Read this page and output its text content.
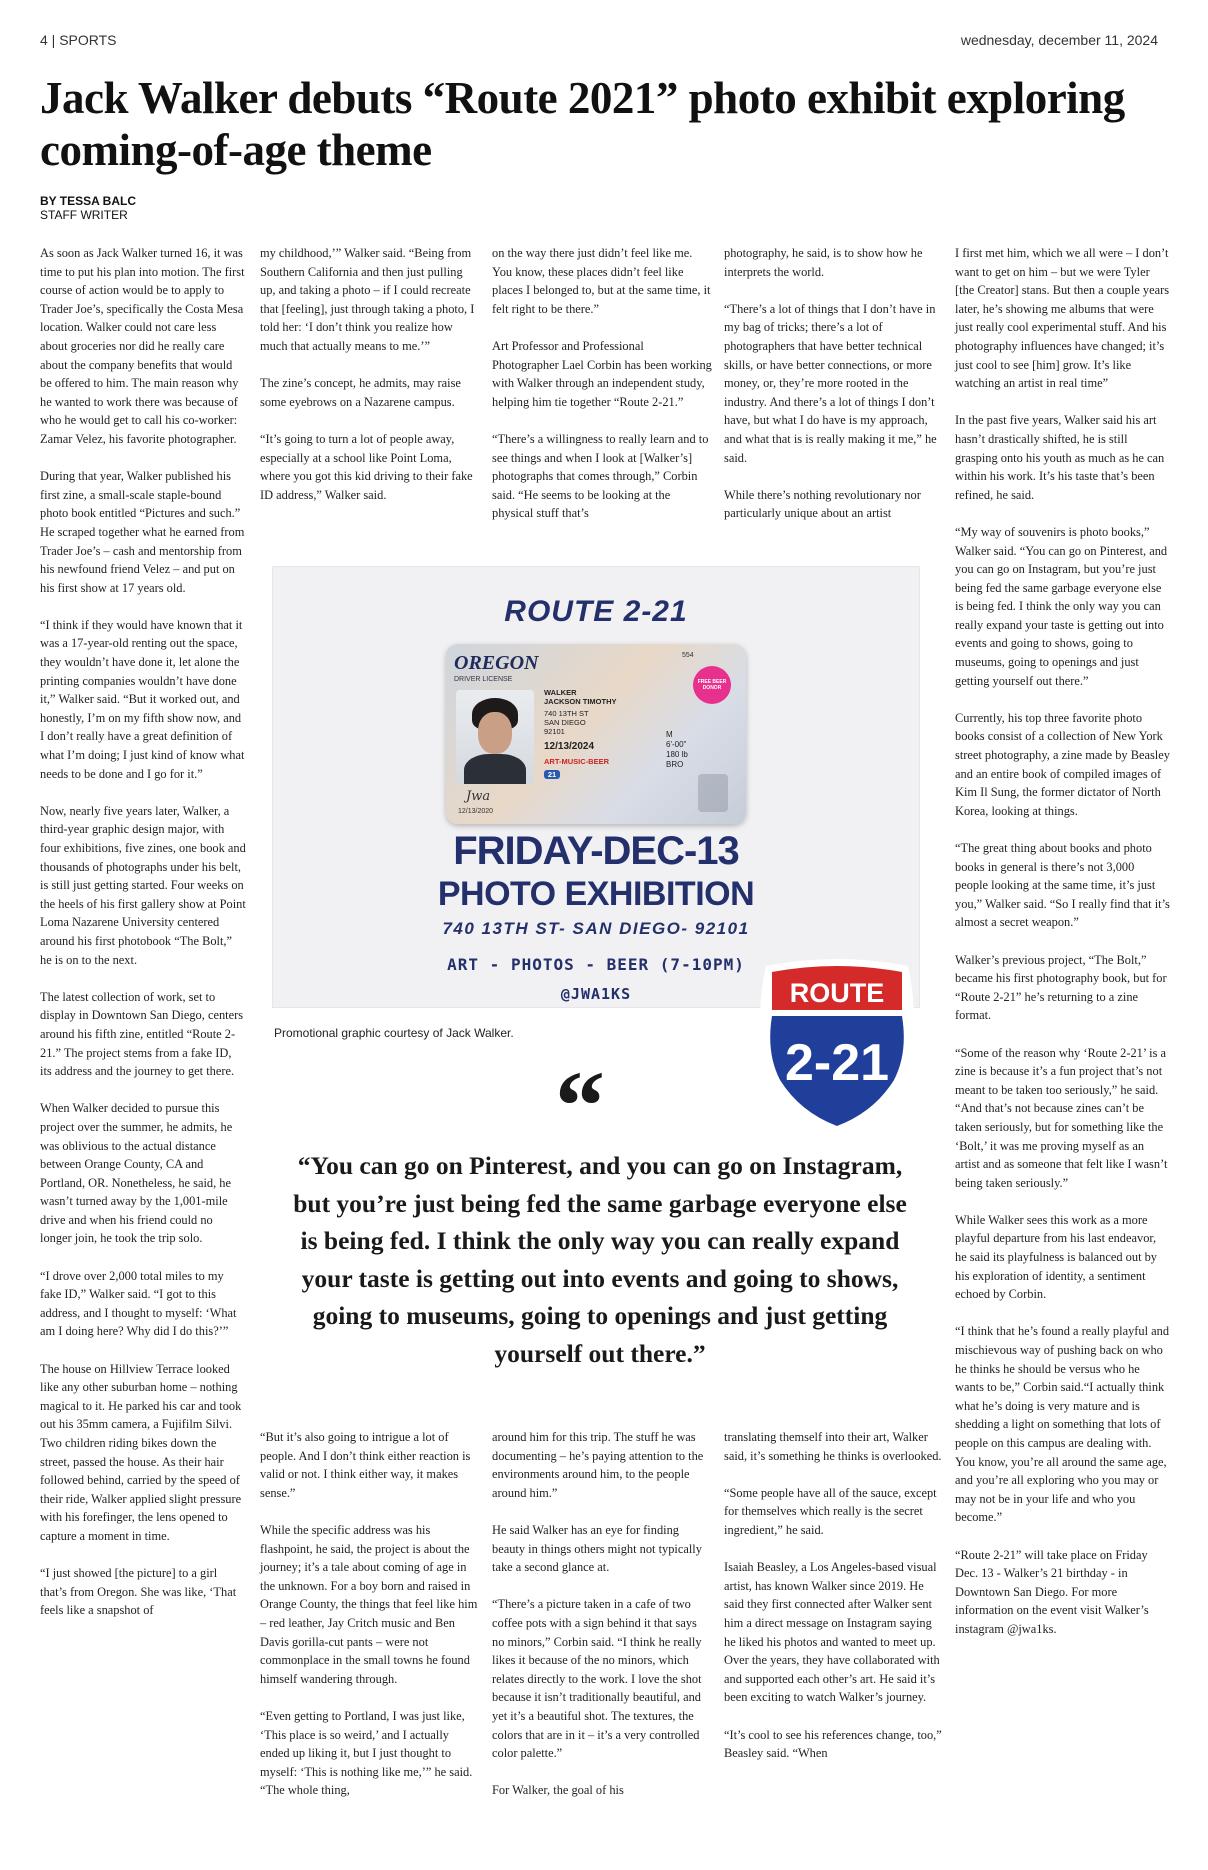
4 | SPORTS	wednesday, december 11, 2024
Jack Walker debuts “Route 2021” photo exhibit exploring coming-of-age theme
BY TESSA BALC
STAFF WRITER

As soon as Jack Walker turned 16, it was time to put his plan into motion. The first course of action would be to apply to Trader Joe’s, specifically the Costa Mesa location. Walker could not care less about groceries nor did he really care about the company benefits that would be offered to him. The main reason why he wanted to work there was because of who he would get to call his co-worker: Zamar Velez, his favorite photographer.

During that year, Walker published his first zine, a small-scale staple-bound photo book entitled “Pictures and such.” He scraped together what he earned from Trader Joe’s – cash and mentorship from his newfound friend Velez – and put on his first show at 17 years old.

“I think if they would have known that it was a 17-year-old renting out the space, they wouldn’t have done it, let alone the printing companies wouldn’t have done it,” Walker said. “But it worked out, and honestly, I’m on my fifth show now, and I don’t really have a great definition of what I’m doing; I just kind of know what needs to be done and I go for it.”

Now, nearly five years later, Walker, a third-year graphic design major, with four exhibitions, five zines, one book and thousands of photographs under his belt, is still just getting started. Four weeks on the heels of his first gallery show at Point Loma Nazarene University centered around his first photobook “The Bolt,” he is on to the next.

The latest collection of work, set to display in Downtown San Diego, centers around his fifth zine, entitled “Route 2-21.” The project stems from a fake ID, its address and the journey to get there.

When Walker decided to pursue this project over the summer, he admits, he was oblivious to the actual distance between Orange County, CA and Portland, OR. Nonetheless, he said, he wasn’t turned away by the 1,001-mile drive and when his friend could no longer join, he took the trip solo.

“I drove over 2,000 total miles to my fake ID,” Walker said. “I got to this address, and I thought to myself: ‘What am I doing here? Why did I do this?’”

The house on Hillview Terrace looked like any other suburban home – nothing magical to it. He parked his car and took out his 35mm camera, a Fujifilm Silvi. Two children riding bikes down the street, passed the house. As their hair followed behind, carried by the speed of their ride, Walker applied slight pressure with his forefinger, the lens opened to capture a moment in time.

“I just showed [the picture] to a girl that’s from Oregon. She was like, ‘That feels like a snapshot of

my childhood,’” Walker said. “Being from Southern California and then just pulling up, and taking a photo – if I could recreate that [feeling], just through taking a photo, I told her: ‘I don’t think you realize how much that actually means to me.’”

The zine’s concept, he admits, may raise some eyebrows on a Nazarene campus.

“It’s going to turn a lot of people away, especially at a school like Point Loma, where you got this kid driving to their fake ID address,” Walker said.

on the way there just didn’t feel like me. You know, these places didn’t feel like places I belonged to, but at the same time, it felt right to be there.”

Art Professor and Professional Photographer Lael Corbin has been working with Walker through an independent study, helping him tie together “Route 2-21.”

“There’s a willingness to really learn and to see things and when I look at [Walker’s] photographs that comes through,” Corbin said. “He seems to be looking at the physical stuff that’s

photography, he said, is to show how he interprets the world.

“There’s a lot of things that I don’t have in my bag of tricks; there’s a lot of photographers that have better technical skills, or have better connections, or more money, or, they’re more rooted in the industry. And there’s a lot of things I don’t have, but what I do have is my approach, and what that is is really making it me,” he said.

While there’s nothing revolutionary nor particularly unique about an artist

I first met him, which we all were – I don’t want to get on him – but we were Tyler [the Creator] stans. But then a couple years later, he’s showing me albums that were just really cool experimental stuff. And his photography influences have changed; it’s just cool to see [him] grow. It’s like watching an artist in real time”

In the past five years, Walker said his art hasn’t drastically shifted, he is still grasping onto his youth as much as he can within his work. It’s his taste that’s been refined, he said.

“My way of souvenirs is photo books,” Walker said. “You can go on Pinterest, and you can go on Instagram, but you’re just being fed the same garbage everyone else is being fed. I think the only way you can really expand your taste is getting out into events and going to shows, going to museums, going to openings and just getting yourself out there.”

Currently, his top three favorite photo books consist of a collection of New York street photography, a zine made by Beasley and an entire book of compiled images of Kim Il Sung, the former dictator of North Korea, looking at things.

“The great thing about books and photo books in general is there’s not 3,000 people looking at the same time, it’s just you,” Walker said. “So I really find that it’s almost a secret weapon.”

Walker’s previous project, “The Bolt,” became his first photography book, but for “Route 2-21” he’s returning to a zine format.

“Some of the reason why ‘Route 2-21’ is a zine is because it’s a fun project that’s not meant to be taken too seriously,” he said. “And that’s not because zines can’t be taken seriously, but for something like the ‘Bolt,’ it was me proving myself as an artist and as someone that felt like I wasn’t being taken seriously.”

While Walker sees this work as a more playful departure from his last endeavor, he said its playfulness is balanced out by his exploration of identity, a sentiment echoed by Corbin.

“I think that he’s found a really playful and mischievous way of pushing back on who he thinks he should be versus who he wants to be,” Corbin said.“I actually think what he’s doing is very mature and is shedding a light on something that lots of people on this campus are dealing with. You know, you’re all around the same age, and you’re all exploring who you may or may not be in your life and who you become.”

“Route 2-21” will take place on Friday Dec. 13 - Walker’s 21 birthday - in Downtown San Diego. For more information on the event visit Walker’s instagram @jwa1ks.

ROUTE 2-21
OREGON	554
DRIVER LICENSE
Jwa
12/13/2020
WALKER
JACKSON TIMOTHY
740 13TH ST
SAN DIEGO
92101
12/13/2024
ART-MUSIC-BEER
21
M
6'-00"
180 lb
BRO
FREE BEER DONOR
FRIDAY-DEC-13
PHOTO EXHIBITION
740 13TH ST- SAN DIEGO- 92101
ART - PHOTOS - BEER (7-10PM)
@JWA1KS
Promotional graphic courtesy of Jack Walker.
ROUTE
2-21
“
“You can go on Pinterest, and you can go on Instagram, but you’re just being fed the same garbage everyone else is being fed. I think the only way you can really expand your taste is getting out into events and going to shows, going to museums, going to openings and just getting yourself out there.”

“But it’s also going to intrigue a lot of people. And I don’t think either reaction is valid or not. I think either way, it makes sense.”

While the specific address was his flashpoint, he said, the project is about the journey; it’s a tale about coming of age in the unknown. For a boy born and raised in Orange County, the things that feel like him – red leather, Jay Critch music and Ben Davis gorilla-cut pants – were not commonplace in the small towns he found himself wandering through.

“Even getting to Portland, I was just like, ‘This place is so weird,’ and I actually ended up liking it, but I just thought to myself: ‘This is nothing like me,’” he said. “The whole thing,

around him for this trip. The stuff he was documenting – he’s paying attention to the environments around him, to the people around him.”

He said Walker has an eye for finding beauty in things others might not typically take a second glance at.

“There’s a picture taken in a cafe of two coffee pots with a sign behind it that says no minors,” Corbin said. “I think he really likes it because of the no minors, which relates directly to the work. I love the shot because it isn’t traditionally beautiful, and yet it’s a beautiful shot. The textures, the colors that are in it – it’s a very controlled color palette.”

For Walker, the goal of his

translating themself into their art, Walker said, it’s something he thinks is overlooked.

“Some people have all of the sauce, except for themselves which really is the secret ingredient,” he said.

Isaiah Beasley, a Los Angeles-based visual artist, has known Walker since 2019. He said they first connected after Walker sent him a direct message on Instagram saying he liked his photos and wanted to meet up. Over the years, they have collaborated with and supported each other’s art. He said it’s been exciting to watch Walker’s journey.

“It’s cool to see his references change, too,” Beasley said. “When
